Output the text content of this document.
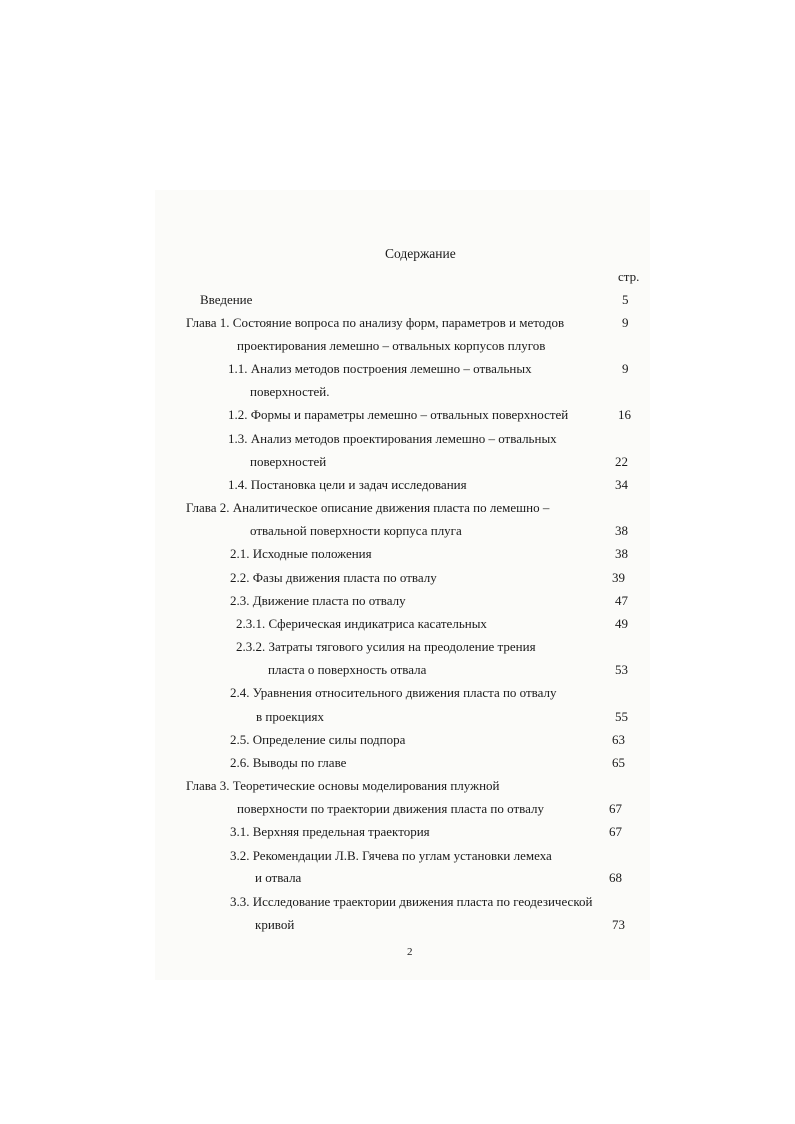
Содержание
стр.
Введение	5
Глава 1. Состояние вопроса по анализу форм, параметров и методов	9
проектирования лемешно – отвальных корпусов плугов
1.1. Анализ методов построения лемешно – отвальных	9
поверхностей.
1.2. Формы и параметры лемешно – отвальных поверхностей	16
1.3. Анализ методов проектирования лемешно – отвальных
поверхностей	22
1.4. Постановка цели и задач исследования	34
Глава 2. Аналитическое описание движения пласта по лемешно –
отвальной поверхности корпуса плуга	38
2.1. Исходные положения	38
2.2. Фазы движения пласта по отвалу	39
2.3. Движение пласта по отвалу	47
2.3.1. Сферическая индикатриса касательных	49
2.3.2. Затраты тягового усилия на преодоление трения
пласта о поверхность отвала	53
2.4. Уравнения относительного движения пласта по отвалу
в проекциях	55
2.5. Определение силы подпора	63
2.6. Выводы по главе	65
Глава 3. Теоретические основы моделирования плужной
поверхности по траектории движения пласта по отвалу	67
3.1. Верхняя предельная траектория	67
3.2. Рекомендации Л.В. Гячева по углам установки лемеха
и отвала	68
3.3. Исследование траектории движения пласта по геодезической
кривой	73
2
